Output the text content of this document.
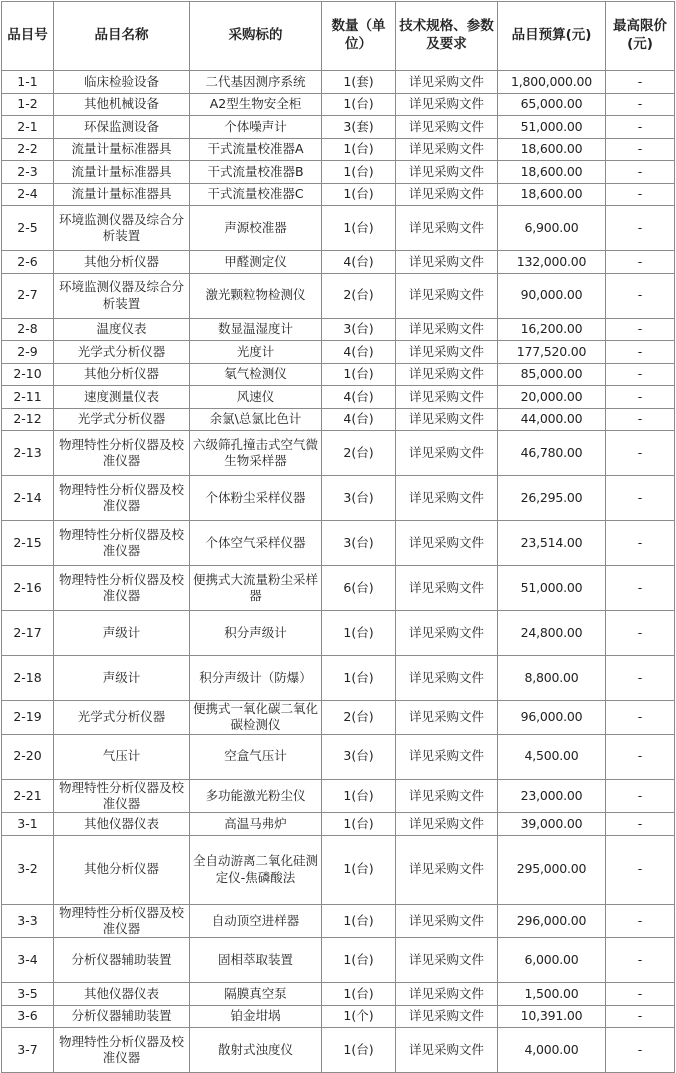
品目号	品目名称	采购标的	数量（单位）	技术规格、参数及要求	品目预算(元)	最高限价(元)
1-1	临床检验设备	二代基因测序系统	1(套)	详见采购文件	1,800,000.00	-
1-2	其他机械设备	A2型生物安全柜	1(台)	详见采购文件	65,000.00	-
2-1	环保监测设备	个体噪声计	3(套)	详见采购文件	51,000.00	-
2-2	流量计量标准器具	干式流量校准器A	1(台)	详见采购文件	18,600.00	-
2-3	流量计量标准器具	干式流量校准器B	1(台)	详见采购文件	18,600.00	-
2-4	流量计量标准器具	干式流量校准器C	1(台)	详见采购文件	18,600.00	-
2-5	环境监测仪器及综合分析装置	声源校准器	1(台)	详见采购文件	6,900.00	-
2-6	其他分析仪器	甲醛测定仪	4(台)	详见采购文件	132,000.00	-
2-7	环境监测仪器及综合分析装置	激光颗粒物检测仪	2(台)	详见采购文件	90,000.00	-
2-8	温度仪表	数显温湿度计	3(台)	详见采购文件	16,200.00	-
2-9	光学式分析仪器	光度计	4(台)	详见采购文件	177,520.00	-
2-10	其他分析仪器	氡气检测仪	1(台)	详见采购文件	85,000.00	-
2-11	速度测量仪表	风速仪	4(台)	详见采购文件	20,000.00	-
2-12	光学式分析仪器	余氯\总氯比色计	4(台)	详见采购文件	44,000.00	-
2-13	物理特性分析仪器及校准仪器	六级筛孔撞击式空气微生物采样器	2(台)	详见采购文件	46,780.00	-
2-14	物理特性分析仪器及校准仪器	个体粉尘采样仪器	3(台)	详见采购文件	26,295.00	-
2-15	物理特性分析仪器及校准仪器	个体空气采样仪器	3(台)	详见采购文件	23,514.00	-
2-16	物理特性分析仪器及校准仪器	便携式大流量粉尘采样器	6(台)	详见采购文件	51,000.00	-
2-17	声级计	积分声级计	1(台)	详见采购文件	24,800.00	-
2-18	声级计	积分声级计（防爆）	1(台)	详见采购文件	8,800.00	-
2-19	光学式分析仪器	便携式一氧化碳二氧化碳检测仪	2(台)	详见采购文件	96,000.00	-
2-20	气压计	空盒气压计	3(台)	详见采购文件	4,500.00	-
2-21	物理特性分析仪器及校准仪器	多功能激光粉尘仪	1(台)	详见采购文件	23,000.00	-
3-1	其他仪器仪表	高温马弗炉	1(台)	详见采购文件	39,000.00	-
3-2	其他分析仪器	全自动游离二氧化硅测定仪-焦磷酸法	1(台)	详见采购文件	295,000.00	-
3-3	物理特性分析仪器及校准仪器	自动顶空进样器	1(台)	详见采购文件	296,000.00	-
3-4	分析仪器辅助装置	固相萃取装置	1(台)	详见采购文件	6,000.00	-
3-5	其他仪器仪表	隔膜真空泵	1(台)	详见采购文件	1,500.00	-
3-6	分析仪器辅助装置	铂金坩埚	1(个)	详见采购文件	10,391.00	-
3-7	物理特性分析仪器及校准仪器	散射式浊度仪	1(台)	详见采购文件	4,000.00	-
